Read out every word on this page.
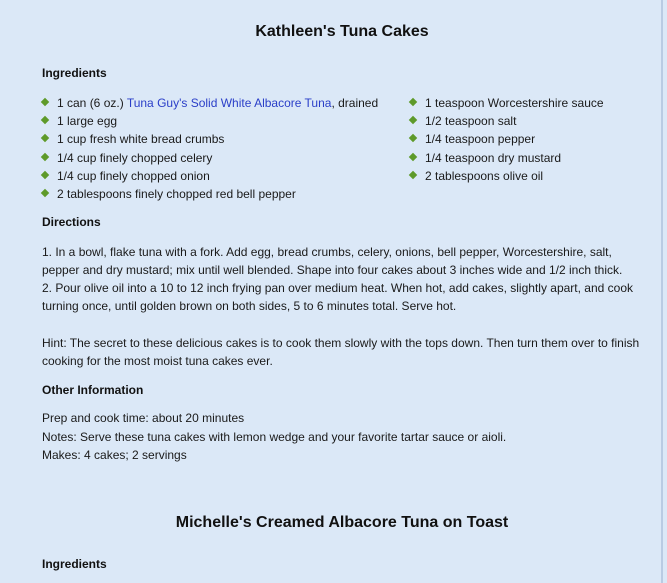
Kathleen's Tuna Cakes
Ingredients
1 can (6 oz.) Tuna Guy's Solid White Albacore Tuna, drained
1 large egg
1 cup fresh white bread crumbs
1/4 cup finely chopped celery
1/4 cup finely chopped onion
2 tablespoons finely chopped red bell pepper
1 teaspoon Worcestershire sauce
1/2 teaspoon salt
1/4 teaspoon pepper
1/4 teaspoon dry mustard
2 tablespoons olive oil
Directions

1. In a bowl, flake tuna with a fork. Add egg, bread crumbs, celery, onions, bell pepper, Worcestershire, salt, pepper and dry mustard; mix until well blended. Shape into four cakes about 3 inches wide and 1/2 inch thick.

2. Pour olive oil into a 10 to 12 inch frying pan over medium heat. When hot, add cakes, slightly apart, and cook turning once, until golden brown on both sides, 5 to 6 minutes total. Serve hot.

Hint: The secret to these delicious cakes is to cook them slowly with the tops down. Then turn them over to finish cooking for the most moist tuna cakes ever.

Other Information

Prep and cook time: about 20 minutes

Notes: Serve these tuna cakes with lemon wedge and your favorite tartar sauce or aioli.

Makes: 4 cakes; 2 servings

Michelle's Creamed Albacore Tuna on Toast
Ingredients
